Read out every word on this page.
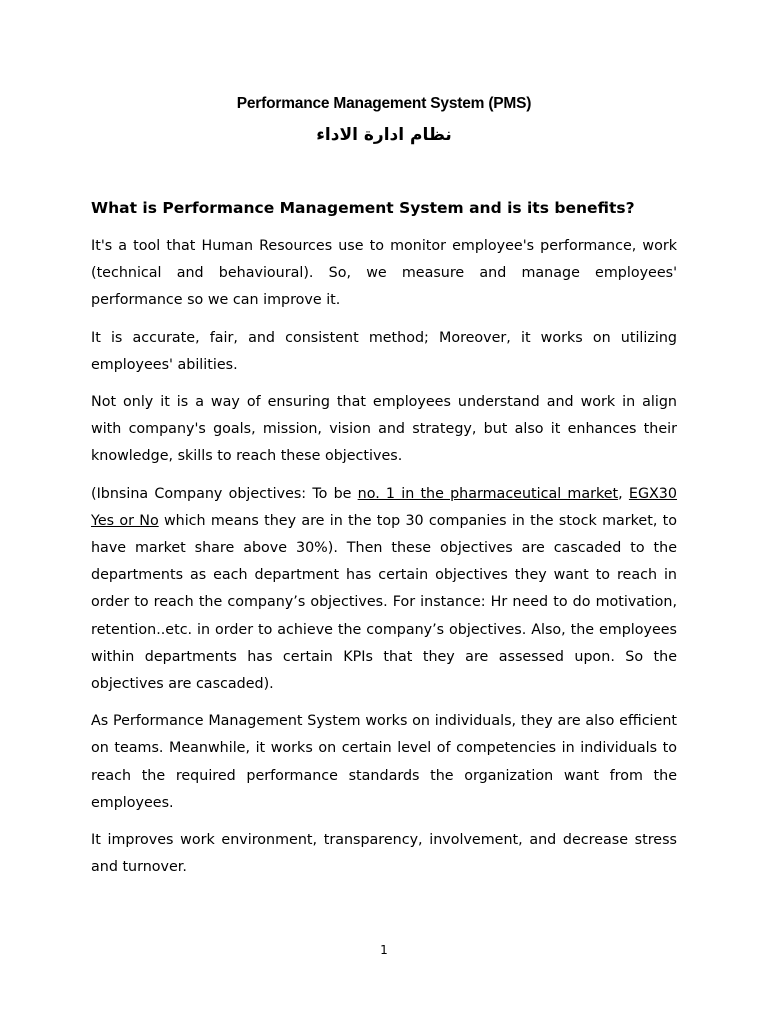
Performance Management System (PMS)
نظام ادارة الاداء
What is Performance Management System and is its benefits?

It's a tool that Human Resources use to monitor employee's performance, work (technical and behavioural). So, we measure and manage employees' performance so we can improve it.

It is accurate, fair, and consistent method; Moreover, it works on utilizing employees' abilities.

Not only it is a way of ensuring that employees understand and work in align with company's goals, mission, vision and strategy, but also it enhances their knowledge, skills to reach these objectives.

(Ibnsina Company objectives: To be no. 1 in the pharmaceutical market, EGX30 Yes or No which means they are in the top 30 companies in the stock market, to have market share above 30%). Then these objectives are cascaded to the departments as each department has certain objectives they want to reach in order to reach the company’s objectives. For instance: Hr need to do motivation, retention..etc. in order to achieve the company’s objectives. Also, the employees within departments has certain KPIs that they are assessed upon. So the objectives are cascaded).

As Performance Management System works on individuals, they are also efficient on teams. Meanwhile, it works on certain level of competencies in individuals to reach the required performance standards the organization want from the employees.

It improves work environment, transparency, involvement, and decrease stress and turnover.

1
